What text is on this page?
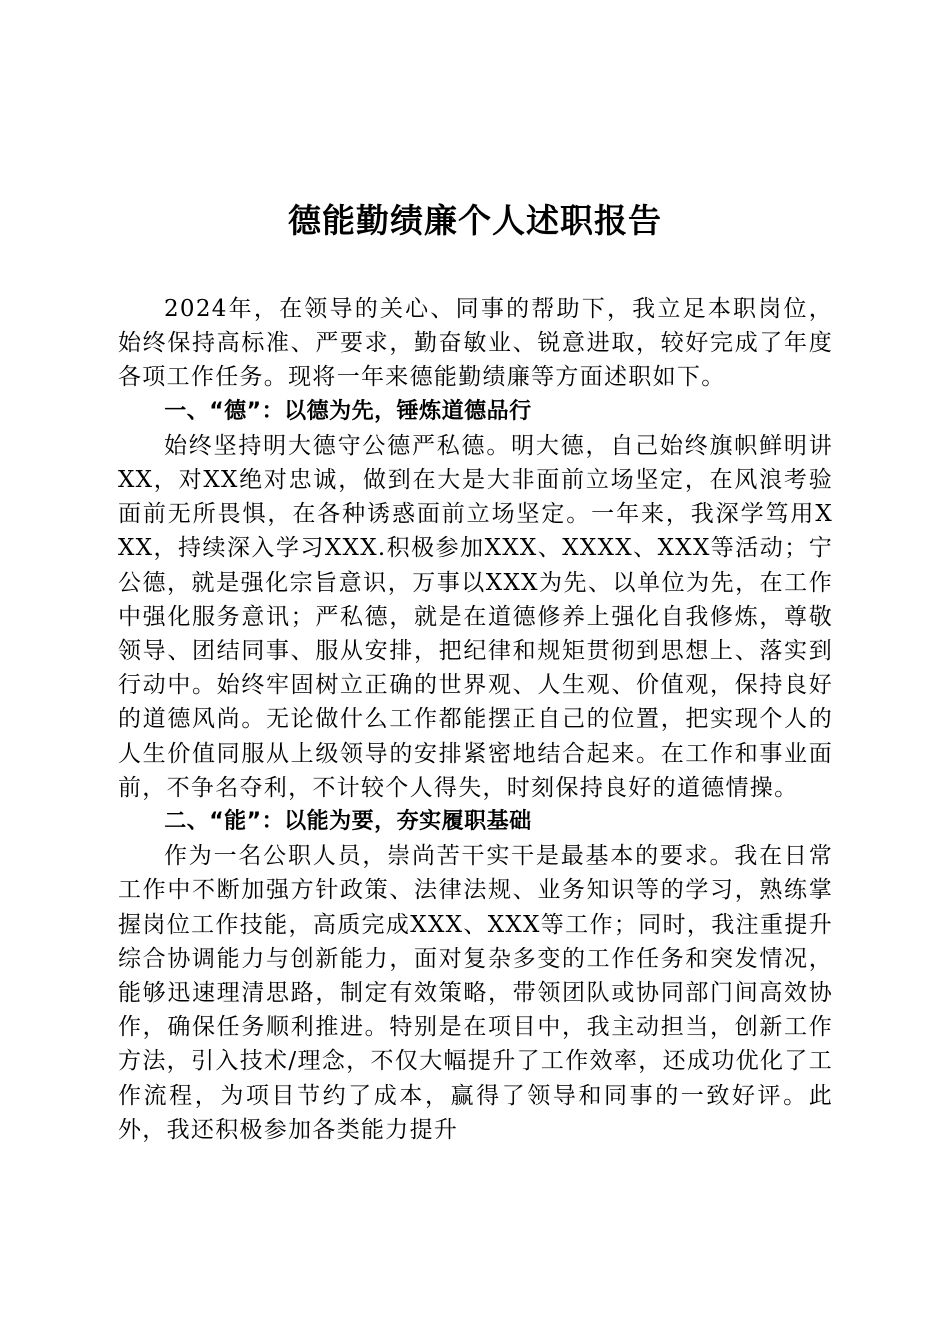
德能勤绩廉个人述职报告

2024年，在领导的关心、同事的帮助下，我立足本职岗位，始终保持高标准、严要求，勤奋敏业、锐意进取，较好完成了年度各项工作任务。现将一年来德能勤绩廉等方面述职如下。

一、“德”：以德为先，锤炼道德品行

始终坚持明大德守公德严私德。明大德，自己始终旗帜鲜明讲XX，对XX绝对忠诚，做到在大是大非面前立场坚定，在风浪考验面前无所畏惧，在各种诱惑面前立场坚定。一年来，我深学笃用XXX，持续深入学习XXX.积极参加XXX、XXXX、XXX等活动；宁公德，就是强化宗旨意识，万事以XXX为先、以单位为先，在工作中强化服务意讯；严私德，就是在道德修养上强化自我修炼，尊敬领导、团结同事、服从安排，把纪律和规矩贯彻到思想上、落实到行动中。始终牢固树立正确的世界观、人生观、价值观，保持良好的道德风尚。无论做什么工作都能摆正自己的位置，把实现个人的人生价值同服从上级领导的安排紧密地结合起来。在工作和事业面前，不争名夺利，不计较个人得失，时刻保持良好的道德情操。

二、“能”：以能为要，夯实履职基础

作为一名公职人员，崇尚苦干实干是最基本的要求。我在日常工作中不断加强方针政策、法律法规、业务知识等的学习，熟练掌握岗位工作技能，高质完成XXX、XXX等工作；同时，我注重提升综合协调能力与创新能力，面对复杂多变的工作任务和突发情况，能够迅速理清思路，制定有效策略，带领团队或协同部门间高效协作，确保任务顺利推进。特别是在项目中，我主动担当，创新工作方法，引入技术/理念，不仅大幅提升了工作效率，还成功优化了工作流程，为项目节约了成本，赢得了领导和同事的一致好评。此外，我还积极参加各类能力提升
